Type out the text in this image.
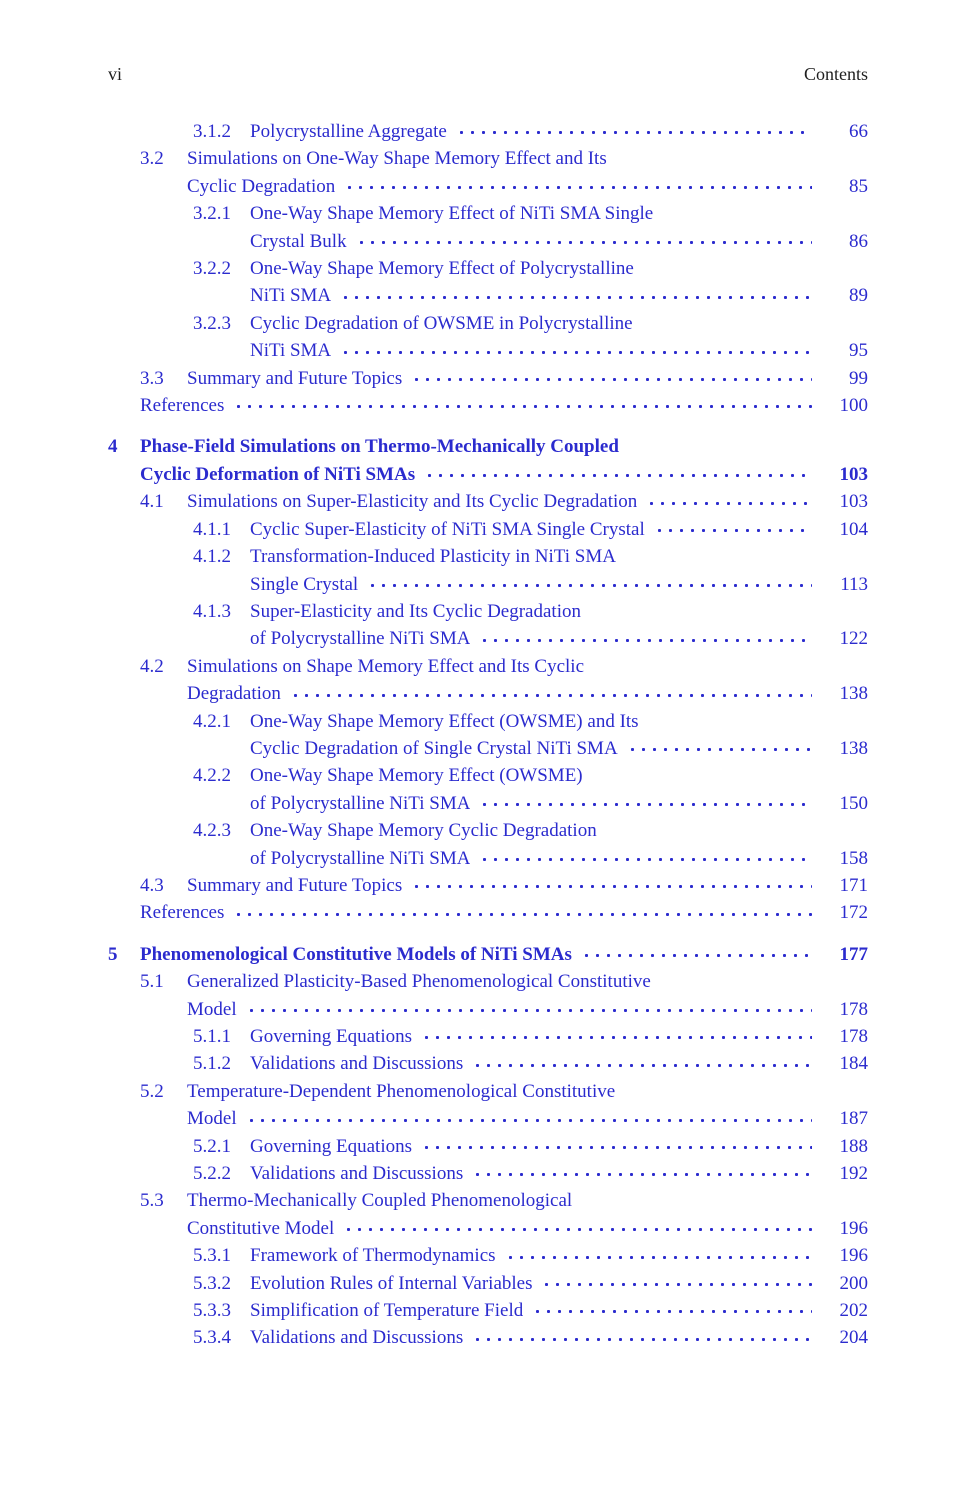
vi	Contents
3.1.2	Polycrystalline Aggregate	66
3.2	Simulations on One-Way Shape Memory Effect and Its
Cyclic Degradation	85
3.2.1	One-Way Shape Memory Effect of NiTi SMA Single
Crystal Bulk	86
3.2.2	One-Way Shape Memory Effect of Polycrystalline
NiTi SMA	89
3.2.3	Cyclic Degradation of OWSME in Polycrystalline
NiTi SMA	95
3.3	Summary and Future Topics	99
References	100
4	Phase-Field Simulations on Thermo-Mechanically Coupled
Cyclic Deformation of NiTi SMAs	103
4.1	Simulations on Super-Elasticity and Its Cyclic Degradation	103
4.1.1	Cyclic Super-Elasticity of NiTi SMA Single Crystal	104
4.1.2	Transformation-Induced Plasticity in NiTi SMA
Single Crystal	113
4.1.3	Super-Elasticity and Its Cyclic Degradation
of Polycrystalline NiTi SMA	122
4.2	Simulations on Shape Memory Effect and Its Cyclic
Degradation	138
4.2.1	One-Way Shape Memory Effect (OWSME) and Its
Cyclic Degradation of Single Crystal NiTi SMA	138
4.2.2	One-Way Shape Memory Effect (OWSME)
of Polycrystalline NiTi SMA	150
4.2.3	One-Way Shape Memory Cyclic Degradation
of Polycrystalline NiTi SMA	158
4.3	Summary and Future Topics	171
References	172
5	Phenomenological Constitutive Models of NiTi SMAs	177
5.1	Generalized Plasticity-Based Phenomenological Constitutive
Model	178
5.1.1	Governing Equations	178
5.1.2	Validations and Discussions	184
5.2	Temperature-Dependent Phenomenological Constitutive
Model	187
5.2.1	Governing Equations	188
5.2.2	Validations and Discussions	192
5.3	Thermo-Mechanically Coupled Phenomenological
Constitutive Model	196
5.3.1	Framework of Thermodynamics	196
5.3.2	Evolution Rules of Internal Variables	200
5.3.3	Simplification of Temperature Field	202
5.3.4	Validations and Discussions	204
